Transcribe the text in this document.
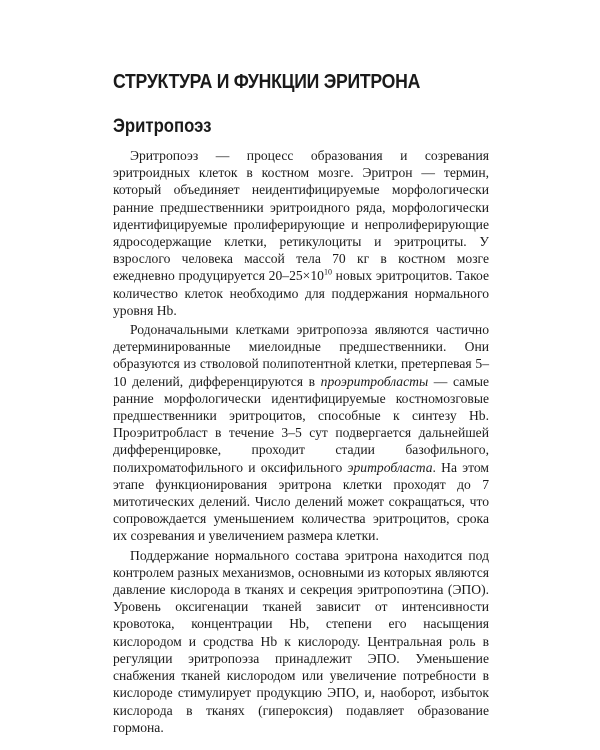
СТРУКТУРА И ФУНКЦИИ ЭРИТРОНА
Эритропоэз

Эритропоэз — процесс образования и созревания эритроидных клеток в костном мозге. Эритрон — термин, который объединяет неидентифицируемые морфологически ранние предшественники эритроидного ряда, морфологически идентифицируемые пролиферирующие и непролиферирующие ядросодержащие клетки, ретикулоциты и эритроциты. У взрослого человека массой тела 70 кг в костном мозге ежедневно продуцируется $20-25\times 10^{10}$ новых эритроцитов. Такое количество клеток необходимо для поддержания нормального уровня Hb.

Родоначальными клетками эритропоэза являются частично детерминированные миелоидные предшественники. Они образуются из стволовой полипотентной клетки, претерпевая 5–10 делений, дифференцируются в проэритробласты — самые ранние морфологически идентифицируемые костномозговые предшественники эритроцитов, способные к синтезу Hb. Проэритробласт в течение 3–5 сут подвергается дальнейшей дифференцировке, проходит стадии базофильного, полихроматофильного и оксифильного эритробласта. На этом этапе функционирования эритрона клетки проходят до 7 митотических делений. Число делений может сокращаться, что сопровождается уменьшением количества эритроцитов, срока их созревания и увеличением размера клетки.

Поддержание нормального состава эритрона находится под контролем разных механизмов, основными из которых являются давление кислорода в тканях и секреция эритропоэтина (ЭПО). Уровень оксигенации тканей зависит от интенсивности кровотока, концентрации Hb, степени его насыщения кислородом и сродства Hb к кислороду. Центральная роль в регуляции эритропоэза принадлежит ЭПО. Уменьшение снабжения тканей кислородом или увеличение потребности в кислороде стимулирует продукцию ЭПО, и, наоборот, избыток кислорода в тканях (гипероксия) подавляет образование гормона.
